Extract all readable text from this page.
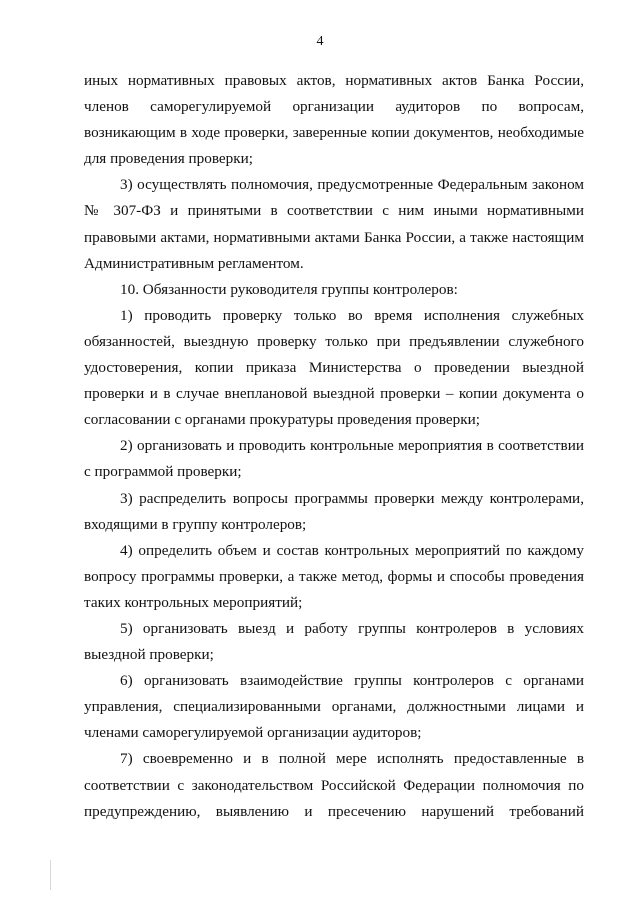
4

иных нормативных правовых актов, нормативных актов Банка России,
членов саморегулируемой организации аудиторов по вопросам,
возникающим в ходе проверки, заверенные копии документов, необходимые
для проведения проверки;

3) осуществлять полномочия, предусмотренные Федеральным законом
№ 307-ФЗ и принятыми в соответствии с ним иными нормативными
правовыми актами, нормативными актами Банка России, а также настоящим
Административным регламентом.

10. Обязанности руководителя группы контролеров:

1) проводить проверку только во время исполнения служебных
обязанностей, выездную проверку только при предъявлении служебного
удостоверения, копии приказа Министерства о проведении выездной
проверки и в случае внеплановой выездной проверки – копии документа о
согласовании с органами прокуратуры проведения проверки;

2) организовать и проводить контрольные мероприятия в соответствии
с программой проверки;

3) распределить вопросы программы проверки между контролерами,
входящими в группу контролеров;

4) определить объем и состав контрольных мероприятий по каждому
вопросу программы проверки, а также метод, формы и способы проведения
таких контрольных мероприятий;

5) организовать выезд и работу группы контролеров в условиях
выездной проверки;

6) организовать взаимодействие группы контролеров с органами
управления, специализированными органами, должностными лицами и
членами саморегулируемой организации аудиторов;

7) своевременно и в полной мере исполнять предоставленные в
соответствии с законодательством Российской Федерации полномочия по
предупреждению, выявлению и пресечению нарушений требований
